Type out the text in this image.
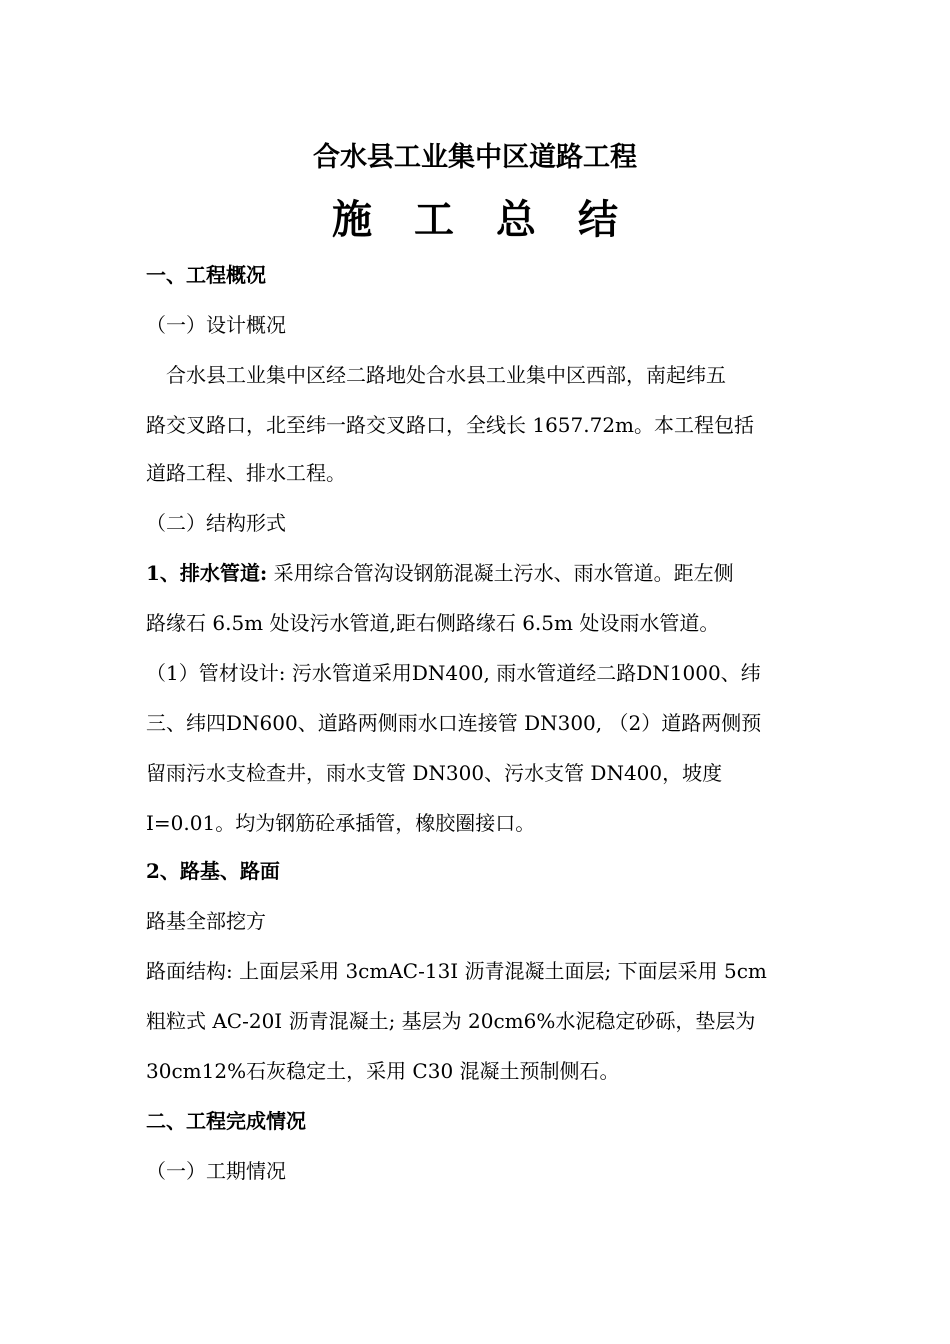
合水县工业集中区道路工程
施工总结
一、工程概况
（一）设计概况
　合水县工业集中区经二路地处合水县工业集中区西部，南起纬五
路交叉路口，北至纬一路交叉路口，全线长 1657.72m。本工程包括
道路工程、排水工程。
（二）结构形式
1、排水管道: 采用综合管沟设钢筋混凝土污水、雨水管道。距左侧
路缘石 6.5m 处设污水管道,距右侧路缘石 6.5m 处设雨水管道。
（1）管材设计: 污水管道采用DN400, 雨水管道经二路DN1000、纬
三、纬四DN600、道路两侧雨水口连接管 DN300, （2）道路两侧预
留雨污水支检查井，雨水支管 DN300、污水支管 DN400，坡度
I=0.01。均为钢筋砼承插管，橡胶圈接口。
2、路基、路面
路基全部挖方
路面结构: 上面层采用 3cmAC-13I 沥青混凝土面层; 下面层采用 5cm
粗粒式 AC-20I 沥青混凝土; 基层为 20cm6%水泥稳定砂砾，垫层为
30cm12%石灰稳定土，采用 C30 混凝土预制侧石。
二、工程完成情况
（一）工期情况
